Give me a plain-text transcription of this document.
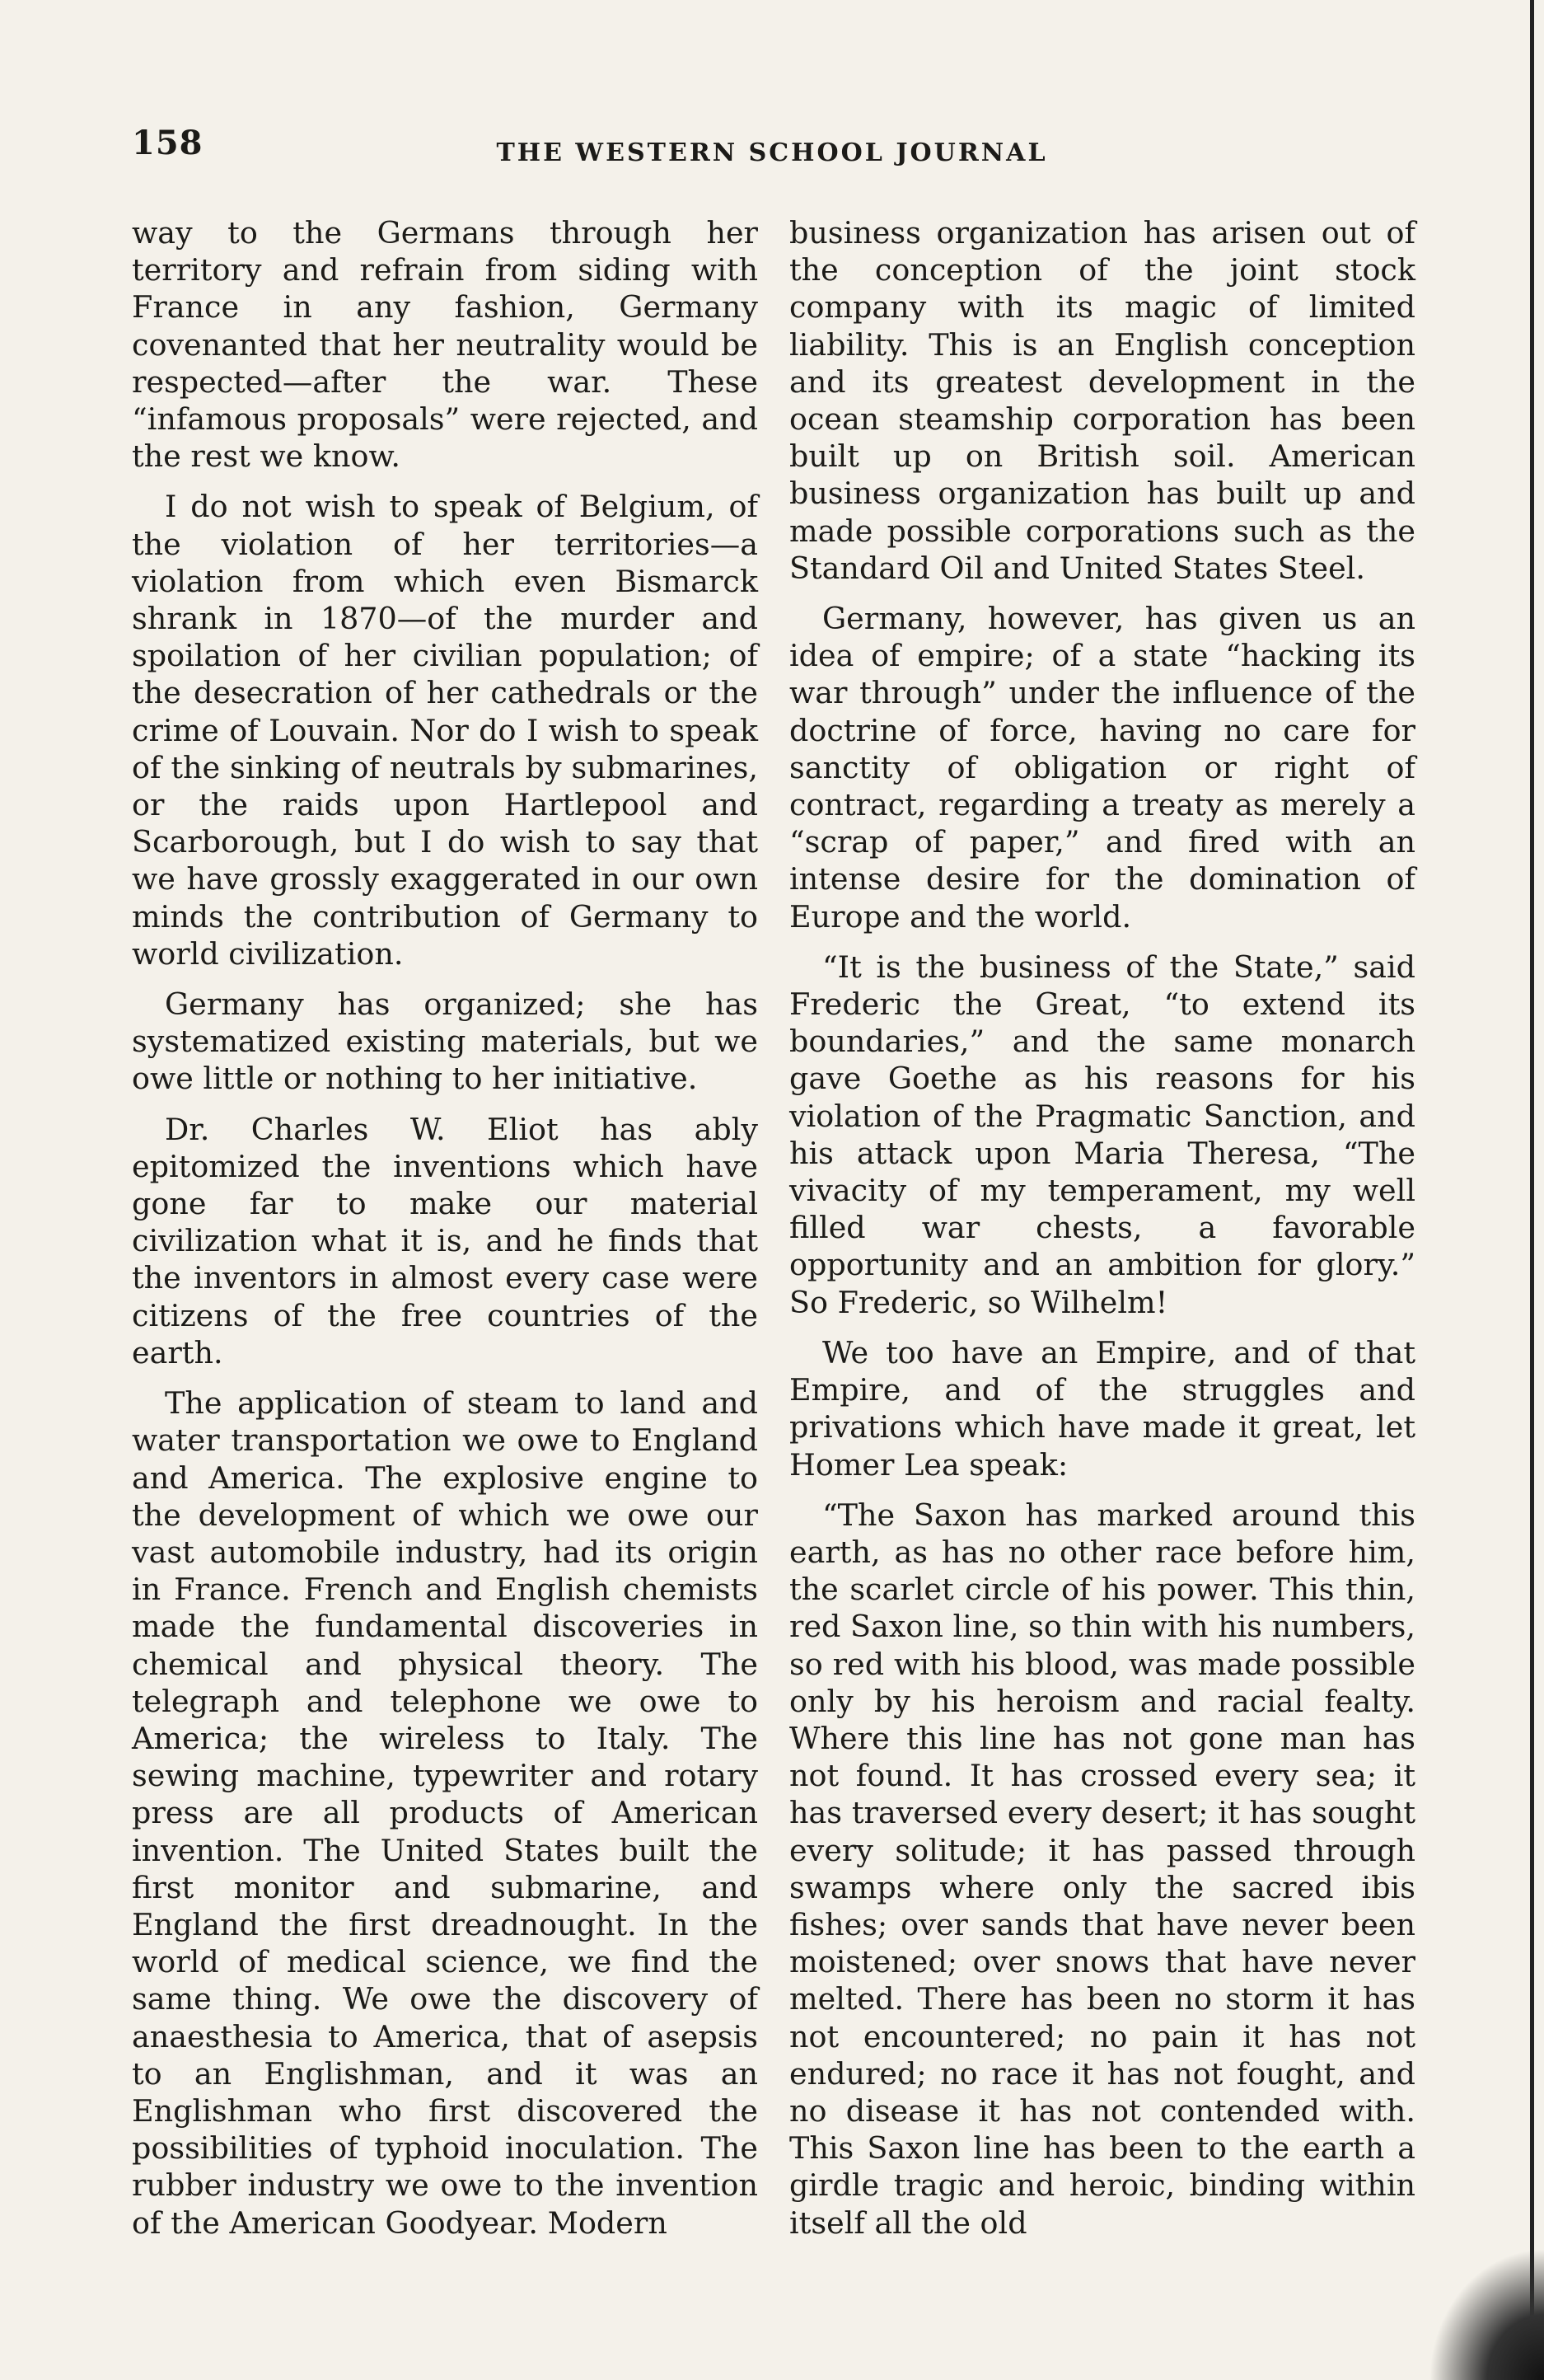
158	THE WESTERN SCHOOL JOURNAL

way to the Germans through her territory and refrain from siding with France in any fashion, Germany covenanted that her neutrality would be respected—after the war. These “infamous proposals” were rejected, and the rest we know.

I do not wish to speak of Belgium, of the violation of her territories—a violation from which even Bismarck shrank in 1870—of the murder and spoilation of her civilian population; of the desecration of her cathedrals or the crime of Louvain. Nor do I wish to speak of the sinking of neutrals by submarines, or the raids upon Hartlepool and Scarborough, but I do wish to say that we have grossly exaggerated in our own minds the contribution of Germany to world civilization.

Germany has organized; she has systematized existing materials, but we owe little or nothing to her initiative.

Dr. Charles W. Eliot has ably epitomized the inventions which have gone far to make our material civilization what it is, and he finds that the inventors in almost every case were citizens of the free countries of the earth.

The application of steam to land and water transportation we owe to England and America. The explosive engine to the development of which we owe our vast automobile industry, had its origin in France. French and English chemists made the fundamental discoveries in chemical and physical theory. The telegraph and telephone we owe to America; the wireless to Italy. The sewing machine, typewriter and rotary press are all products of American invention. The United States built the first monitor and submarine, and England the first dreadnought. In the world of medical science, we find the same thing. We owe the discovery of anaesthesia to America, that of asepsis to an Englishman, and it was an Englishman who first discovered the possibilities of typhoid inoculation. The rubber industry we owe to the invention of the American Goodyear. Modern

business organization has arisen out of the conception of the joint stock company with its magic of limited liability. This is an English conception and its greatest development in the ocean steamship corporation has been built up on British soil. American business organization has built up and made possible corporations such as the Standard Oil and United States Steel.

Germany, however, has given us an idea of empire; of a state “hacking its war through” under the influence of the doctrine of force, having no care for sanctity of obligation or right of contract, regarding a treaty as merely a “scrap of paper,” and fired with an intense desire for the domination of Europe and the world.

“It is the business of the State,” said Frederic the Great, “to extend its boundaries,” and the same monarch gave Goethe as his reasons for his violation of the Pragmatic Sanction, and his attack upon Maria Theresa, “The vivacity of my temperament, my well filled war chests, a favorable opportunity and an ambition for glory.” So Frederic, so Wilhelm!

We too have an Empire, and of that Empire, and of the struggles and privations which have made it great, let Homer Lea speak:

“The Saxon has marked around this earth, as has no other race before him, the scarlet circle of his power. This thin, red Saxon line, so thin with his numbers, so red with his blood, was made possible only by his heroism and racial fealty. Where this line has not gone man has not found. It has crossed every sea; it has traversed every desert; it has sought every solitude; it has passed through swamps where only the sacred ibis fishes; over sands that have never been moistened; over snows that have never melted. There has been no storm it has not encountered; no pain it has not endured; no race it has not fought, and no disease it has not contended with. This Saxon line has been to the earth a girdle tragic and heroic, binding within itself all the old
